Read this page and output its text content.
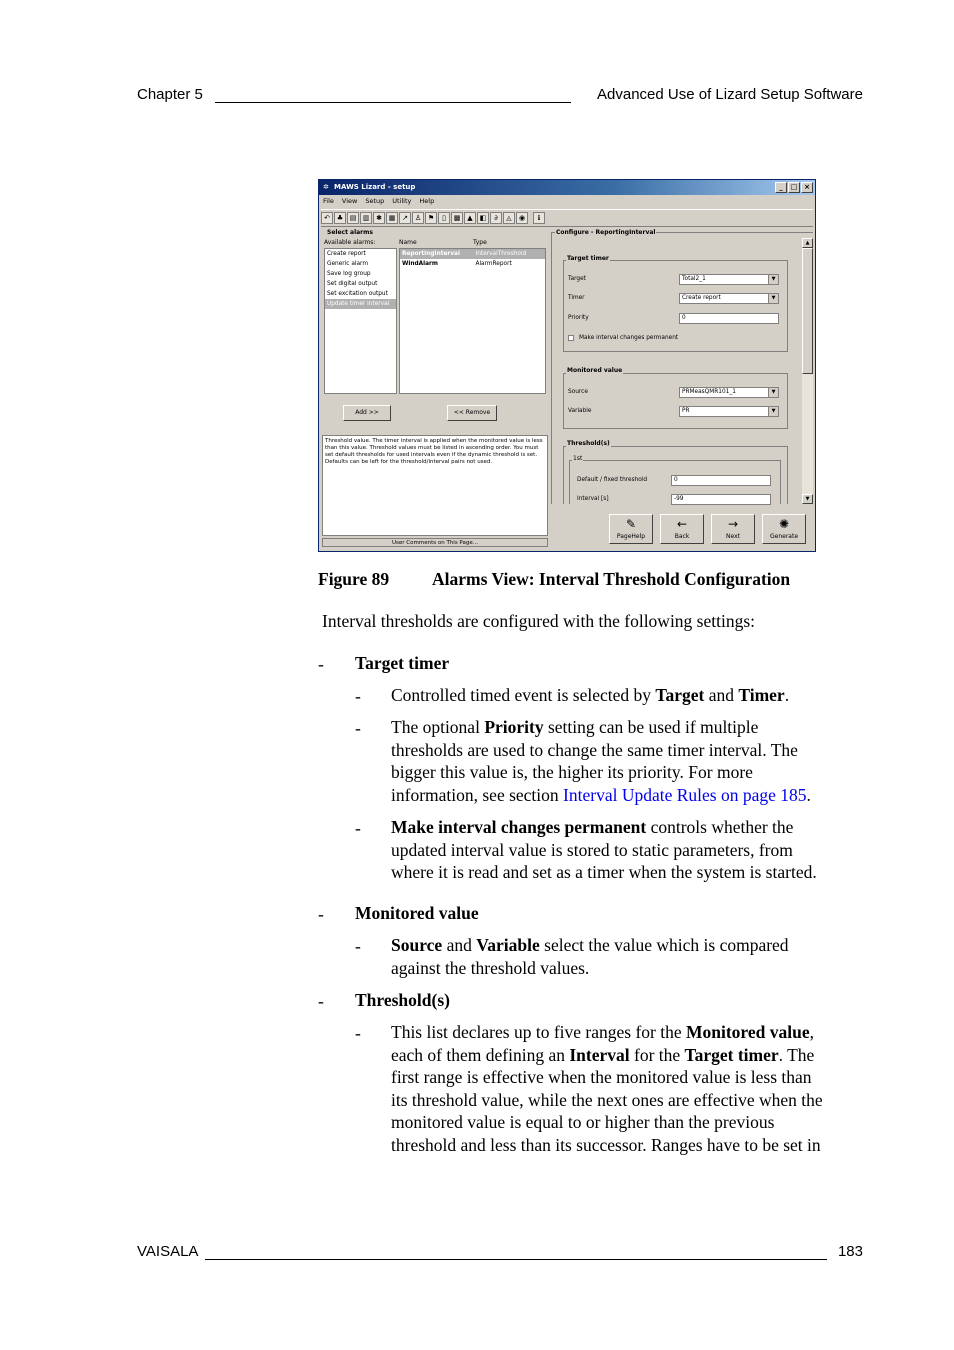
Chapter 5	Advanced Use of Lizard Setup Software
✲ MAWS Lizard - setup	_	□ ×
File View Setup Utility Help
↶ ♣ ▤ ▥ ✱ ▦ ↗ ♙ ⚑	▯	▩ ▲	◧	∂	◬	◉	ℹ
Select alarms
Available alarms:	Name	Type
Create report
Generic alarm
Save log group
Set digital output
Set excitation output
Update timer interval
ReportingInterval	IntervalThreshold
WindAlarm	AlarmReport
Add >>	<< Remove
Threshold value. The timer interval is applied when the monitored value is less than this value. Threshold values must be listed in ascending order. You must set default thresholds for used intervals even if the dynamic threshold is set. Defaults can be left for the threshold/interval pairs not used.
User Comments on This Page...
Configure - ReportingInterval
▲
▼
Target timer
Target	Total2_1	▼
Timer	Create report	▼
Priority	0
Make interval changes permanent
Monitored value
Source	PRMeasQMR101_1	▼
Variable	PR	▼
Threshold(s)
1st
Default / fixed threshold	0
Interval [s]	-99
✎
PageHelp
←
Back
→
Next
✺
Generate
Figure 89 Alarms View: Interval Threshold Configuration
Interval thresholds are configured with the following settings:
- Target timer
- Controlled timed event is selected by Target and Timer.
- The optional Priority setting can be used if multiple
thresholds are used to change the same timer interval. The
bigger this value is, the higher its priority. For more
information, see section Interval Update Rules on page 185.
- Make interval changes permanent controls whether the
updated interval value is stored to static parameters, from
where it is read and set as a timer when the system is started.
- Monitored value
- Source and Variable select the value which is compared
against the threshold values.
- Threshold(s)
- This list declares up to five ranges for the Monitored value,
each of them defining an Interval for the Target timer. The
first range is effective when the monitored value is less than
its threshold value, while the next ones are effective when the
monitored value is equal to or higher than the previous
threshold and less than its successor. Ranges have to be set in
VAISALA	183
